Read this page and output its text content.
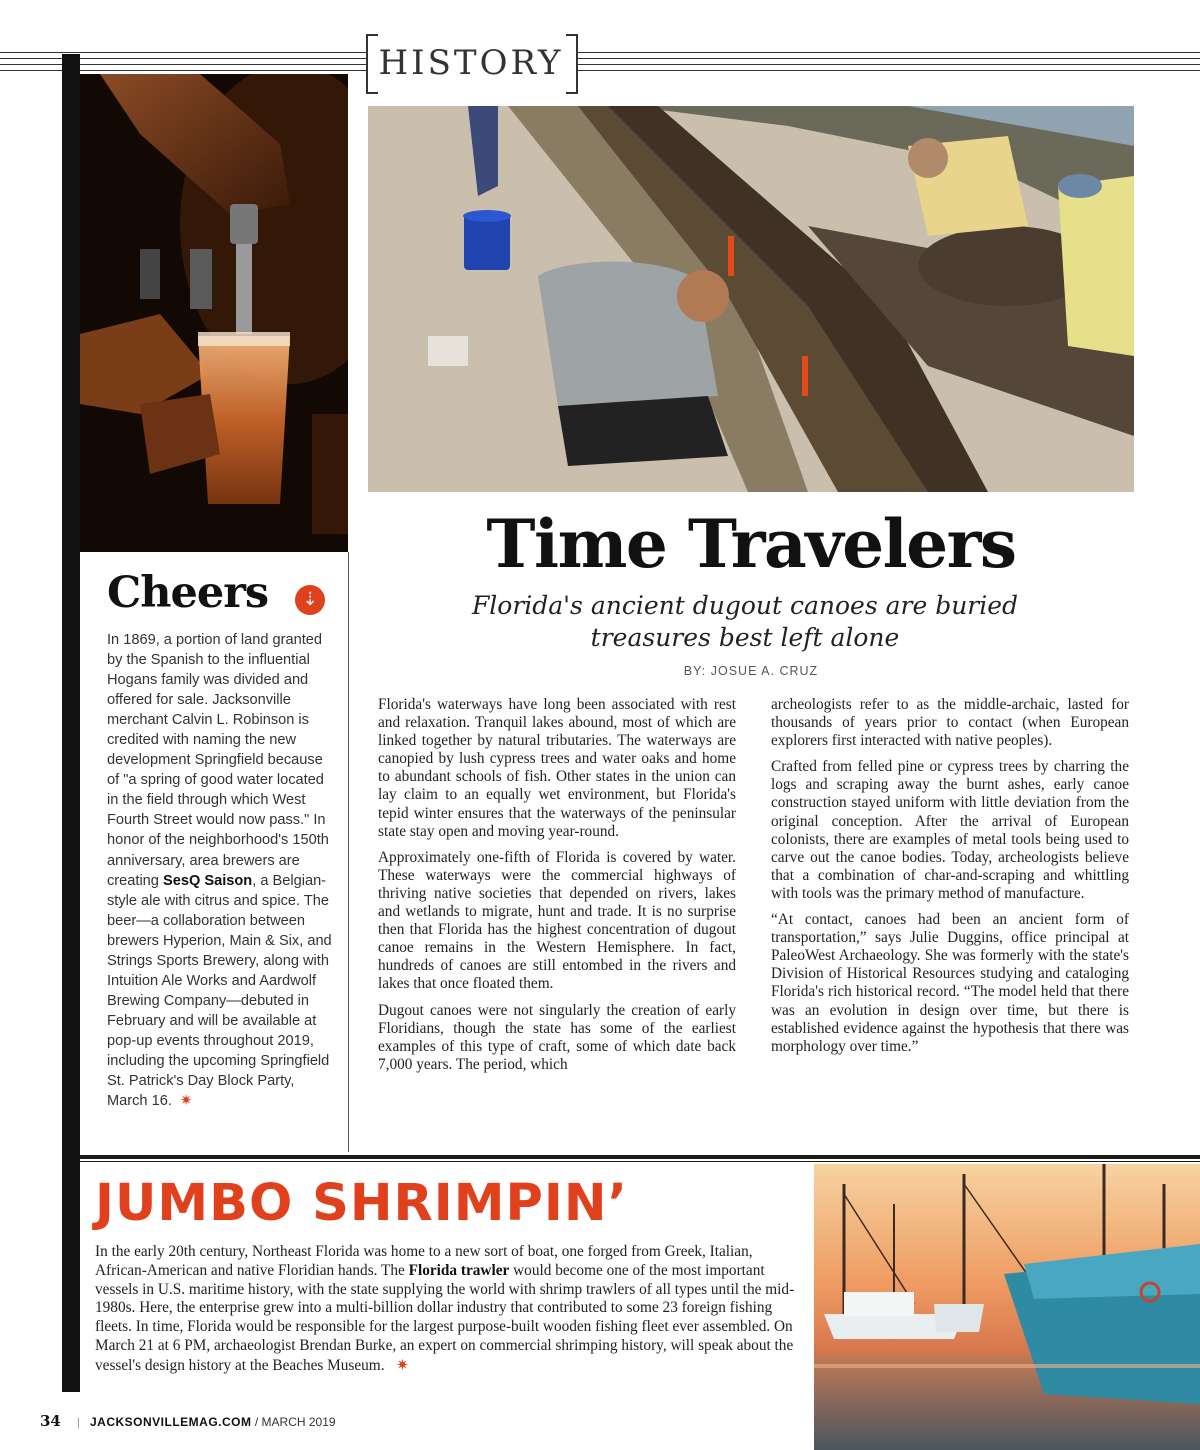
HISTORY
Cheers	⇣
In 1869, a portion of land granted by the Spanish to the influential Hogans family was divided and offered for sale. Jacksonville merchant Calvin L. Robinson is credited with naming the new development Springfield because of "a spring of good water located in the field through which West Fourth Street would now pass." In honor of the neighborhood's 150th anniversary, area brewers are creating SesQ Saison, a Belgian-style ale with citrus and spice. The beer—a collaboration between brewers Hyperion, Main & Six, and Strings Sports Brewery, along with Intuition Ale Works and Aardwolf Brewing Company—debuted in February and will be available at pop-up events throughout 2019, including the upcoming Springfield St. Patrick's Day Block Party, March 16. ✷
Time Travelers
Florida's ancient dugout canoes are buried treasures best left alone
BY: JOSUE A. CRUZ

Florida's waterways have long been associated with rest and relaxation. Tranquil lakes abound, most of which are linked together by natural tributaries. The waterways are canopied by lush cypress trees and water oaks and home to abundant schools of fish. Other states in the union can lay claim to an equally wet environment, but Florida's tepid winter ensures that the waterways of the peninsular state stay open and moving year-round.

Approximately one-fifth of Florida is covered by water. These waterways were the commercial highways of thriving native societies that depended on rivers, lakes and wetlands to migrate, hunt and trade. It is no surprise then that Florida has the highest concentration of dugout canoe remains in the Western Hemisphere. In fact, hundreds of canoes are still entombed in the rivers and lakes that once floated them.

Dugout canoes were not singularly the creation of early Floridians, though the state has some of the earliest examples of this type of craft, some of which date back 7,000 years. The period, which

archeologists refer to as the middle-archaic, lasted for thousands of years prior to contact (when European explorers first interacted with native peoples).

Crafted from felled pine or cypress trees by charring the logs and scraping away the burnt ashes, early canoe construction stayed uniform with little deviation from the original conception. After the arrival of European colonists, there are examples of metal tools being used to carve out the canoe bodies. Today, archeologists believe that a combination of char-and-scraping and whittling with tools was the primary method of manufacture.

“At contact, canoes had been an ancient form of transportation,” says Julie Duggins, office principal at PaleoWest Archaeology. She was formerly with the state's Division of Historical Resources studying and cataloging Florida's rich historical record. “The model held that there was an evolution in design over time, but there is established evidence against the hypothesis that there was morphology over time.”

JUMBO SHRIMPIN’
In the early 20th century, Northeast Florida was home to a new sort of boat, one forged from Greek, Italian, African-American and native Floridian hands. The Florida trawler would become one of the most important vessels in U.S. maritime history, with the state supplying the world with shrimp trawlers of all types until the mid-1980s. Here, the enterprise grew into a multi-billion dollar industry that contributed to some 23 foreign fishing fleets. In time, Florida would be responsible for the largest purpose-built wooden fishing fleet ever assembled. On March 21 at 6 PM, archaeologist Brendan Burke, an expert on commercial shrimping history, will speak about the vessel's design history at the Beaches Museum. ✷
34 | JACKSONVILLEMAG.COM / MARCH 2019
